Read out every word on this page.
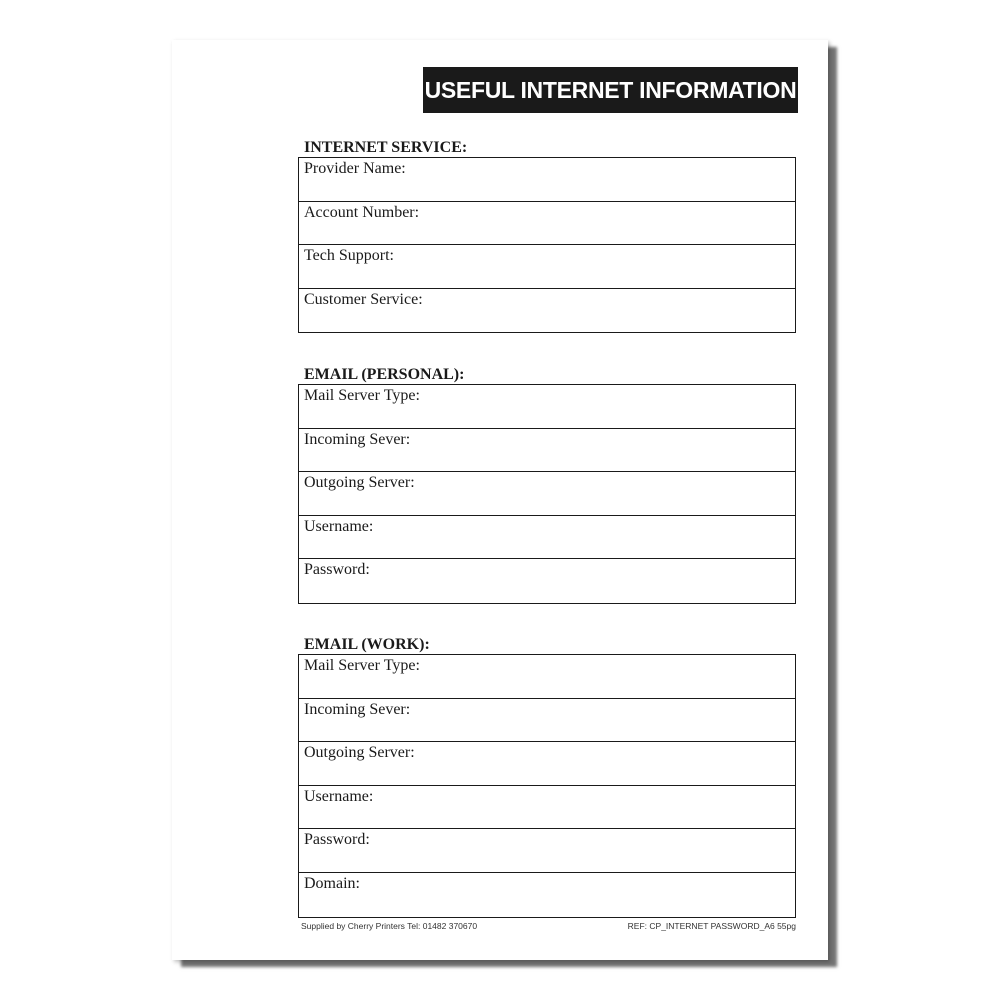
USEFUL INTERNET INFORMATION
INTERNET SERVICE:
Provider Name:
Account Number:
Tech Support:
Customer Service:
EMAIL (PERSONAL):
Mail Server Type:
Incoming Sever:
Outgoing Server:
Username:
Password:
EMAIL (WORK):
Mail Server Type:
Incoming Sever:
Outgoing Server:
Username:
Password:
Domain:
Supplied by Cherry Printers Tel: 01482 370670	REF: CP_INTERNET PASSWORD_A6 55pg
